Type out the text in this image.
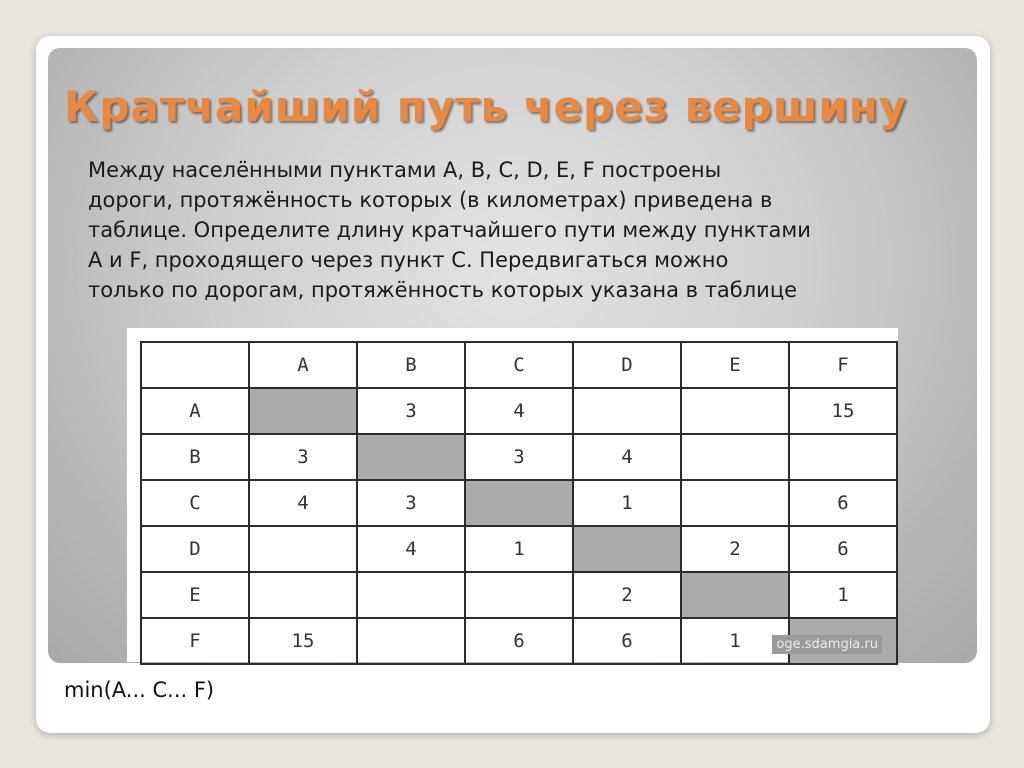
Кратчайший путь через вершину

Между населёнными пунктами A, B, C, D, E, F построены
дороги, протяжённость которых (в километрах) приведена в
таблице. Определите длину кратчайшего пути между пунктами
A и F, проходящего через пункт C. Передвигаться можно
только по дорогам, протяжённость которых указана в таблице

	A	B	C	D	E	F
A		3	4			15
B	3		3	4		
C	4	3		1		6
D		4	1		2	6
E				2		1
F	15		6	6	1		oge.sdamgia.ru

min(A... C... F)
